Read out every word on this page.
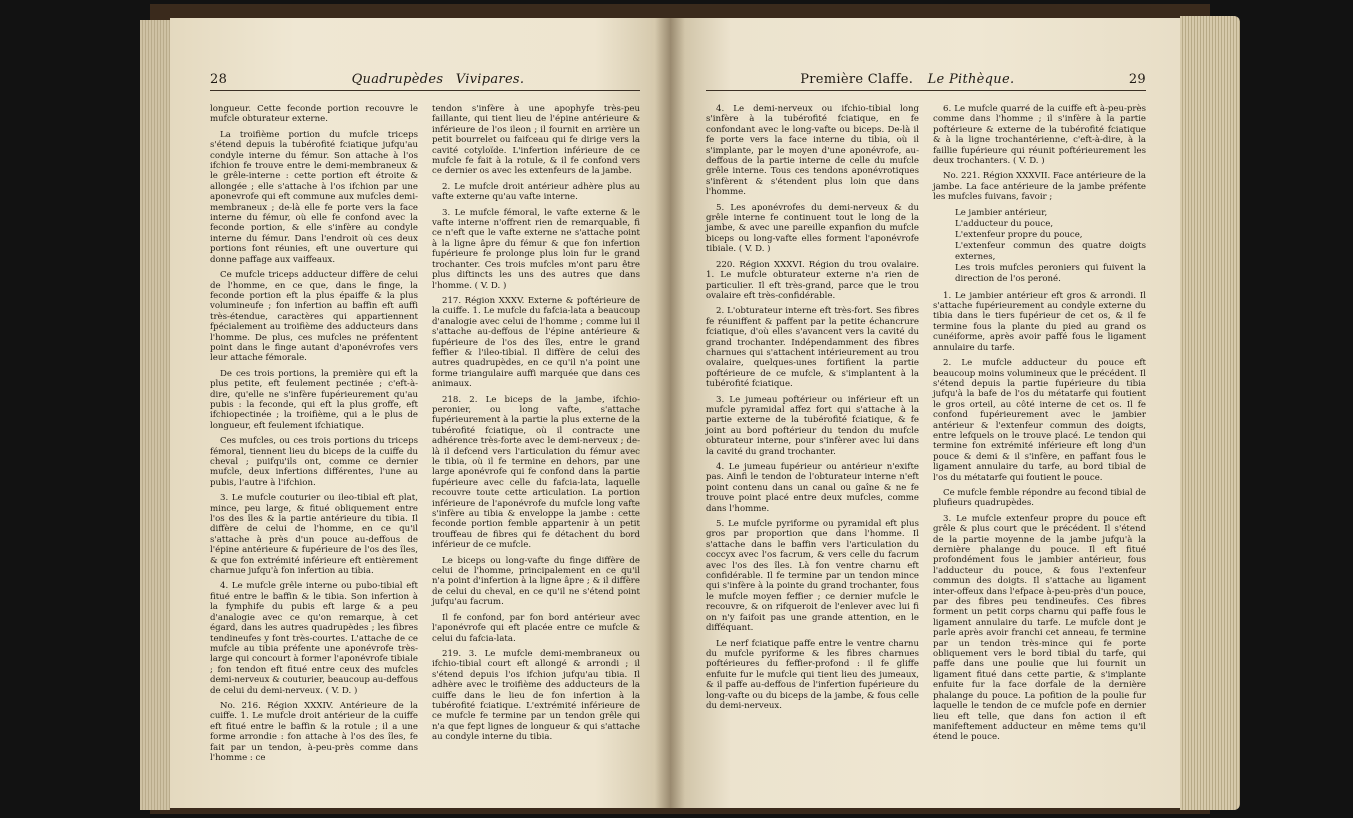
28	Quadrupèdes Vivipares.

longueur. Cette feconde portion recouvre le mufcle obturateur externe.

La troifième portion du mufcle triceps s'étend depuis la tubérofité fciatique jufqu'au condyle interne du fémur. Son attache à l'os ifchion fe trouve entre le demi-membraneux & le grêle-interne : cette portion eft étroite & allongée ; elle s'attache à l'os ifchion par une aponevrofe qui eft commune aux mufcles demi-membraneux ; de-là elle fe porte vers la face interne du fémur, où elle fe confond avec la feconde portion, & elle s'infère au condyle interne du fémur. Dans l'endroit où ces deux portions font réunies, eft une ouverture qui donne paffage aux vaiffeaux.

Ce mufcle triceps adducteur diffère de celui de l'homme, en ce que, dans le finge, la feconde portion eft la plus épaiffe & la plus volumineufe ; fon infertion au baffin eft auffi très-étendue, caractères qui appartiennent fpécialement au troifième des adducteurs dans l'homme. De plus, ces mufcles ne préfentent point dans le finge autant d'aponévrofes vers leur attache fémorale.

De ces trois portions, la première qui eft la plus petite, eft feulement pectinée ; c'eft-à-dire, qu'elle ne s'infère fupérieurement qu'au pubis : la feconde, qui eft la plus groffe, eft ifchiopectinée ; la troifième, qui a le plus de longueur, eft feulement ifchiatique.

Ces mufcles, ou ces trois portions du triceps fémoral, tiennent lieu du biceps de la cuiffe du cheval ; puifqu'ils ont, comme ce dernier mufcle, deux infertions différentes, l'une au pubis, l'autre à l'ifchion.

3. Le mufcle couturier ou ileo-tibial eft plat, mince, peu large, & fitué obliquement entre l'os des îles & la partie antérieure du tibia. Il diffère de celui de l'homme, en ce qu'il s'attache à près d'un pouce au-deffous de l'épine antérieure & fupérieure de l'os des îles, & que fon extrémité inférieure eft entièrement charnue jufqu'à fon infertion au tibia.

4. Le mufcle grêle interne ou pubo-tibial eft fitué entre le baffin & le tibia. Son infertion à la fymphife du pubis eft large & a peu d'analogie avec ce qu'on remarque, à cet égard, dans les autres quadrupèdes ; les fibres tendineufes y font très-courtes. L'attache de ce mufcle au tibia préfente une aponévrofe très-large qui concourt à former l'aponévrofe tibiale ; fon tendon eft fitué entre ceux des mufcles demi-nerveux & couturier, beaucoup au-deffous de celui du demi-nerveux. ( V. D. )

No. 216. Région XXXIV. Antérieure de la cuiffe. 1. Le mufcle droit antérieur de la cuiffe eft fitué entre le baffin & la rotule ; il a une forme arrondie : fon attache à l'os des îles, fe fait par un tendon, à-peu-près comme dans l'homme : ce

tendon s'infère à une apophyfe très-peu faillante, qui tient lieu de l'épine antérieure & inférieure de l'os ileon ; il fournit en arrière un petit bourrelet ou faifceau qui fe dirige vers la cavité cotyloïde. L'infertion inférieure de ce mufcle fe fait à la rotule, & il fe confond vers ce dernier os avec les extenfeurs de la jambe.

2. Le mufcle droit antérieur adhère plus au vafte externe qu'au vafte interne.

3. Le mufcle fémoral, le vafte externe & le vafte interne n'offrent rien de remarquable, fi ce n'eft que le vafte externe ne s'attache point à la ligne âpre du fémur & que fon infertion fupérieure fe prolonge plus loin fur le grand trochanter. Ces trois mufcles m'ont paru être plus diftincts les uns des autres que dans l'homme. ( V. D. )

217. Région XXXV. Externe & poftérieure de la cuiffe. 1. Le mufcle du fafcia-lata a beaucoup d'analogie avec celui de l'homme ; comme lui il s'attache au-deffous de l'épine antérieure & fupérieure de l'os des îles, entre le grand feffier & l'ileo-tibial. Il diffère de celui des autres quadrupèdes, en ce qu'il n'a point une forme triangulaire auffi marquée que dans ces animaux.

218. 2. Le biceps de la jambe, ifchio-peronier, ou long vafte, s'attache fupérieurement à la partie la plus externe de la tubérofité fciatique, où il contracte une adhérence très-forte avec le demi-nerveux ; de-là il defcend vers l'articulation du fémur avec le tibia, où il fe termine en dehors, par une large aponévrofe qui fe confond dans la partie fupérieure avec celle du fafcia-lata, laquelle recouvre toute cette articulation. La portion inférieure de l'aponévrofe du mufcle long vafte s'infère au tibia & enveloppe la jambe : cette feconde portion femble appartenir à un petit trouffeau de fibres qui fe détachent du bord inférieur de ce mufcle.

Le biceps ou long-vafte du finge diffère de celui de l'homme, principalement en ce qu'il n'a point d'infertion à la ligne âpre ; & il diffère de celui du cheval, en ce qu'il ne s'étend point jufqu'au facrum.

Il fe confond, par fon bord antérieur avec l'aponévrofe qui eft placée entre ce mufcle & celui du fafcia-lata.

219. 3. Le mufcle demi-membraneux ou ifchio-tibial court eft allongé & arrondi ; il s'étend depuis l'os ifchion jufqu'au tibia. Il adhère avec le troifième des adducteurs de la cuiffe dans le lieu de fon infertion à la tubérofité fciatique. L'extrémité inférieure de ce mufcle fe termine par un tendon grêle qui n'a que fept lignes de longueur & qui s'attache au condyle interne du tibia.

Première Claffe. Le Pithèque.	29

4. Le demi-nerveux ou ifchio-tibial long s'infère à la tubérofité fciatique, en fe confondant avec le long-vafte ou biceps. De-là il fe porte vers la face interne du tibia, où il s'implante, par le moyen d'une aponévrofe, au-deffous de la partie interne de celle du mufcle grêle interne. Tous ces tendons aponévrotiques s'infèrent & s'étendent plus loin que dans l'homme.

5. Les aponévrofes du demi-nerveux & du grêle interne fe continuent tout le long de la jambe, & avec une pareille expanfion du mufcle biceps ou long-vafte elles forment l'aponévrofe tibiale. ( V. D. )

220. Région XXXVI. Région du trou ovalaire. 1. Le mufcle obturateur externe n'a rien de particulier. Il eft très-grand, parce que le trou ovalaire eft très-confidérable.

2. L'obturateur interne eft très-fort. Ses fibres fe réuniffent & paffent par la petite échancrure fciatique, d'où elles s'avancent vers la cavité du grand trochanter. Indépendamment des fibres charnues qui s'attachent intérieurement au trou ovalaire, quelques-unes fortifient la partie poftérieure de ce mufcle, & s'implantent à la tubérofité fciatique.

3. Le jumeau poftérieur ou inférieur eft un mufcle pyramidal affez fort qui s'attache à la partie externe de la tubérofité fciatique, & fe joint au bord poftérieur du tendon du mufcle obturateur interne, pour s'infèrer avec lui dans la cavité du grand trochanter.

4. Le jumeau fupérieur ou antérieur n'exifte pas. Ainfi le tendon de l'obturateur interne n'eft point contenu dans un canal ou gaîne & ne fe trouve point placé entre deux mufcles, comme dans l'homme.

5. Le mufcle pyriforme ou pyramidal eft plus gros par proportion que dans l'homme. Il s'attache dans le baffin vers l'articulation du coccyx avec l'os facrum, & vers celle du facrum avec l'os des îles. Là fon ventre charnu eft confidérable. Il fe termine par un tendon mince qui s'infère à la pointe du grand trochanter, fous le mufcle moyen feffier ; ce dernier mufcle le recouvre, & on rifqueroit de l'enlever avec lui fi on n'y faifoit pas une grande attention, en le difféquant.

Le nerf fciatique paffe entre le ventre charnu du mufcle pyriforme & les fibres charnues poftérieures du feffier-profond : il fe gliffe enfuite fur le mufcle qui tient lieu des jumeaux, & il paffe au-deffous de l'infertion fupérieure du long-vafte ou du biceps de la jambe, & fous celle du demi-nerveux.

6. Le mufcle quarré de la cuiffe eft à-peu-près comme dans l'homme ; il s'infère à la partie poftérieure & externe de la tubérofité fciatique & à la ligne trochantérienne, c'eft-à-dire, à la faillie fupérieure qui réunit poftérieurement les deux trochanters. ( V. D. )

No. 221. Région XXXVII. Face antérieure de la jambe. La face antérieure de la jambe préfente les mufcles fuivans, favoir ;

Le jambier antérieur,
L'adducteur du pouce,
L'extenfeur propre du pouce,
L'extenfeur commun des quatre doigts externes,
Les trois mufcles peroniers qui fuivent la direction de l'os peroné.

1. Le jambier antérieur eft gros & arrondi. Il s'attache fupérieurement au condyle externe du tibia dans le tiers fupérieur de cet os, & il fe termine fous la plante du pied au grand os cunéiforme, après avoir paffé fous le ligament annulaire du tarfe.

2. Le mufcle adducteur du pouce eft beaucoup moins volumineux que le précédent. Il s'étend depuis la partie fupérieure du tibia jufqu'à la bafe de l'os du métatarfe qui foutient le gros orteil, au côté interne de cet os. Il fe confond fupérieurement avec le jambier antérieur & l'extenfeur commun des doigts, entre lefquels on le trouve placé. Le tendon qui termine fon extrémité inférieure eft long d'un pouce & demi & il s'infère, en paffant fous le ligament annulaire du tarfe, au bord tibial de l'os du métatarfe qui foutient le pouce.

Ce mufcle femble répondre au fecond tibial de plufieurs quadrupèdes.

3. Le mufcle extenfeur propre du pouce eft grêle & plus court que le précédent. Il s'étend de la partie moyenne de la jambe jufqu'à la dernière phalange du pouce. Il eft fitué profondément fous le jambier antérieur, fous l'adducteur du pouce, & fous l'extenfeur commun des doigts. Il s'attache au ligament inter-offeux dans l'efpace à-peu-près d'un pouce, par des fibres peu tendineufes. Ces fibres forment un petit corps charnu qui paffe fous le ligament annulaire du tarfe. Le mufcle dont je parle après avoir franchi cet anneau, fe termine par un tendon très-mince qui fe porte obliquement vers le bord tibial du tarfe, qui paffe dans une poulie que lui fournit un ligament fitué dans cette partie, & s'implante enfuite fur la face dorfale de la dernière phalange du pouce. La pofition de la poulie fur laquelle le tendon de ce mufcle pofe en dernier lieu eft telle, que dans fon action il eft manifeftement adducteur en même tems qu'il étend le pouce.
